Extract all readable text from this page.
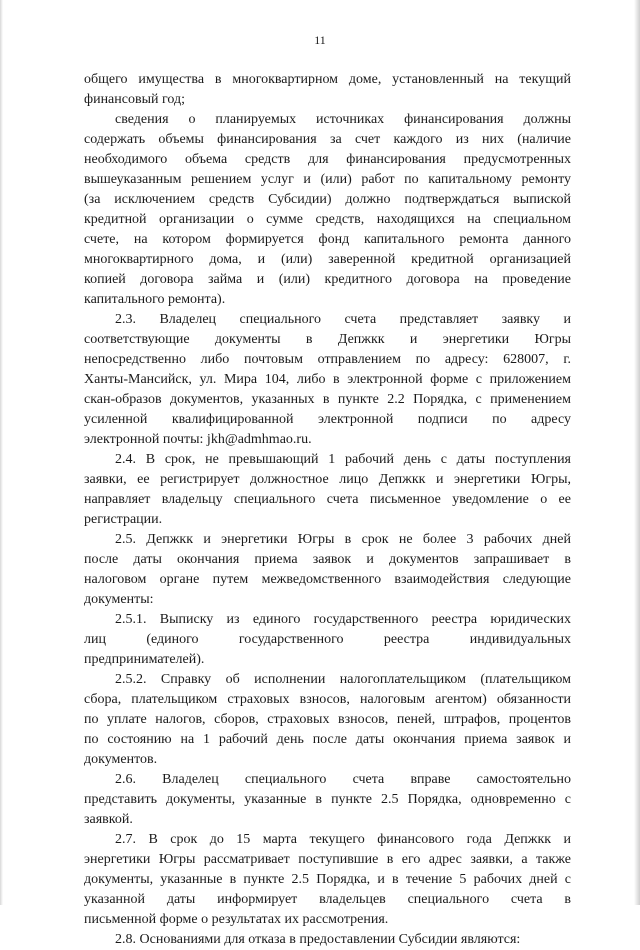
11
общего имущества в многоквартирном доме, установленный на текущий
финансовый год;
сведения о планируемых источниках финансирования должны
содержать объемы финансирования за счет каждого из них (наличие
необходимого объема средств для финансирования предусмотренных
вышеуказанным решением услуг и (или) работ по капитальному ремонту
(за исключением средств Субсидии) должно подтверждаться выпиской
кредитной организации о сумме средств, находящихся на специальном
счете, на котором формируется фонд капитального ремонта данного
многоквартирного дома, и (или) заверенной кредитной организацией
копией договора займа и (или) кредитного договора на проведение
капитального ремонта).
2.3. Владелец специального счета представляет заявку и
соответствующие документы в Депжкк и энергетики Югры
непосредственно либо почтовым отправлением по адресу: 628007, г.
Ханты-Мансийск, ул. Мира 104, либо в электронной форме с приложением
скан-образов документов, указанных в пункте 2.2 Порядка, с применением
усиленной квалифицированной электронной подписи по адресу
электронной почты: jkh@admhmao.ru.
2.4. В срок, не превышающий 1 рабочий день с даты поступления
заявки, ее регистрирует должностное лицо Депжкк и энергетики Югры,
направляет владельцу специального счета письменное уведомление о ее
регистрации.
2.5. Депжкк и энергетики Югры в срок не более 3 рабочих дней
после даты окончания приема заявок и документов запрашивает в
налоговом органе путем межведомственного взаимодействия следующие
документы:
2.5.1. Выписку из единого государственного реестра юридических
лиц (единого государственного реестра индивидуальных
предпринимателей).
2.5.2. Справку об исполнении налогоплательщиком (плательщиком
сбора, плательщиком страховых взносов, налоговым агентом) обязанности
по уплате налогов, сборов, страховых взносов, пеней, штрафов, процентов
по состоянию на 1 рабочий день после даты окончания приема заявок и
документов.
2.6. Владелец специального счета вправе самостоятельно
представить документы, указанные в пункте 2.5 Порядка, одновременно с
заявкой.
2.7. В срок до 15 марта текущего финансового года Депжкк и
энергетики Югры рассматривает поступившие в его адрес заявки, а также
документы, указанные в пункте 2.5 Порядка, и в течение 5 рабочих дней с
указанной даты информирует владельцев специального счета в
письменной форме о результатах их рассмотрения.
2.8. Основаниями для отказа в предоставлении Субсидии являются:
